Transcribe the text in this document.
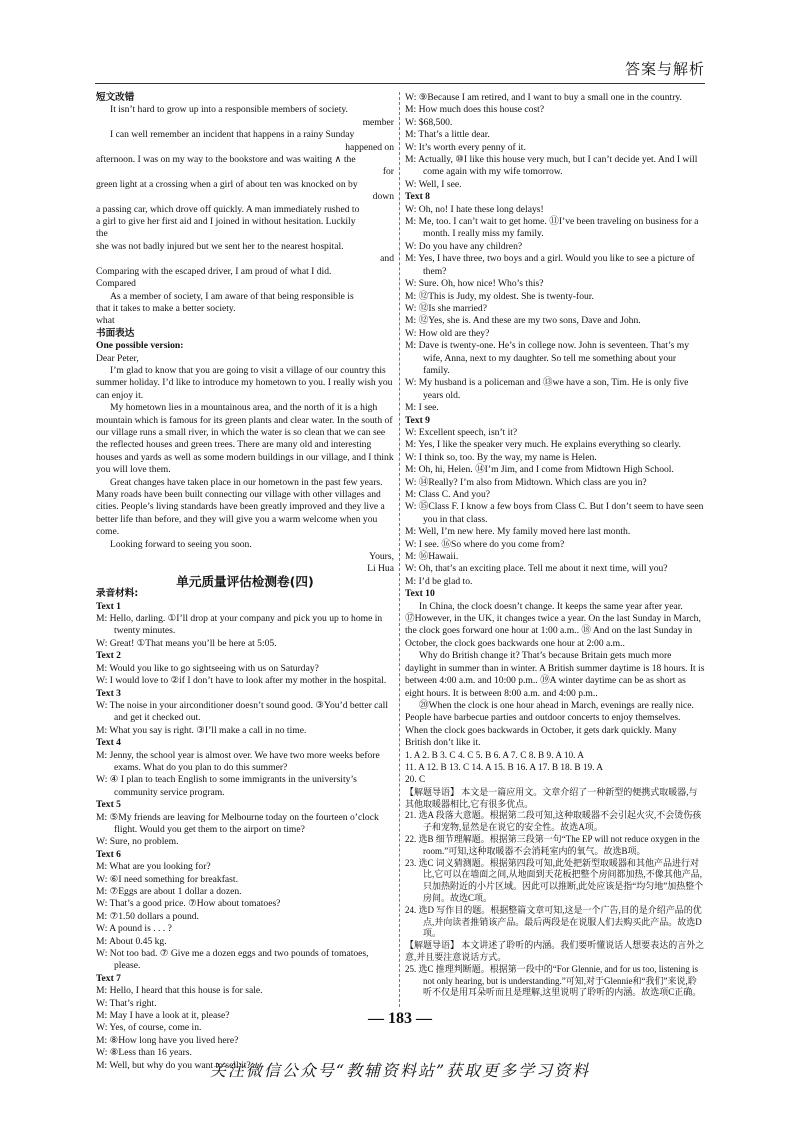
答案与解析

短文改错

It isn’t hard to grow up into a responsible members of society.

member

I can well remember an incident that happens in a rainy Sunday

happened on

afternoon. I was on my way to the bookstore and was waiting ∧ the

for

green light at a crossing when a girl of about ten was knocked on by

down

a passing car, which drove off quickly. A man immediately rushed to

a girl to give her first aid and I joined in without hesitation. Luckily

the

she was not badly injured but we sent her to the nearest hospital.

and

Comparing with the escaped driver, I am proud of what I did.

Compared

As a member of society, I am aware of that being responsible is

that it takes to make a better society.

what

书面表达

One possible version:

Dear Peter,

I’m glad to know that you are going to visit a village of our country this summer holiday. I’d like to introduce my hometown to you. I really wish you can enjoy it.

My hometown lies in a mountainous area, and the north of it is a high mountain which is famous for its green plants and clear water. In the south of our village runs a small river, in which the water is so clean that we can see the reflected houses and green trees. There are many old and interesting houses and yards as well as some modern buildings in our village, and I think you will love them.

Great changes have taken place in our hometown in the past few years. Many roads have been built connecting our village with other villages and cities. People’s living standards have been greatly improved and they live a better life than before, and they will give you a warm welcome when you come.

Looking forward to seeing you soon.

Yours,

Li Hua

单元质量评估检测卷(四)

录音材料:

Text 1

M: Hello, darling. ①I’ll drop at your company and pick you up to home in twenty minutes.

W: Great! ①That means you’ll be here at 5:05.

Text 2

M: Would you like to go sightseeing with us on Saturday?

W: I would love to ②if I don’t have to look after my mother in the hospital.

Text 3

W: The noise in your airconditioner doesn’t sound good. ③You’d better call and get it checked out.

M: What you say is right. ③I’ll make a call in no time.

Text 4

M: Jenny, the school year is almost over. We have two more weeks before exams. What do you plan to do this summer?

W: ④ I plan to teach English to some immigrants in the university’s community service program.

Text 5

M: ⑤My friends are leaving for Melbourne today on the fourteen o’clock flight. Would you get them to the airport on time?

W: Sure, no problem.

Text 6

M: What are you looking for?

W: ⑥I need something for breakfast.

M: ⑦Eggs are about 1 dollar a dozen.

W: That’s a good price. ⑦How about tomatoes?

M: ⑦1.50 dollars a pound.

W: A pound is . . . ?

M: About 0.45 kg.

W: Not too bad. ⑦ Give me a dozen eggs and two pounds of tomatoes, please.

Text 7

M: Hello, I heard that this house is for sale.

W: That’s right.

M: May I have a look at it, please?

W: Yes, of course, come in.

M: ⑧How long have you lived here?

W: ⑧Less than 16 years.

M: Well, but why do you want to sell it?

W: ⑨Because I am retired, and I want to buy a small one in the country.

M: How much does this house cost?

W: $68,500.

M: That’s a little dear.

W: It’s worth every penny of it.

M: Actually, ⑩I like this house very much, but I can’t decide yet. And I will come again with my wife tomorrow.

W: Well, I see.

Text 8

W: Oh, no! I hate these long delays!

M: Me, too. I can’t wait to get home. ⑪I’ve been traveling on business for a month. I really miss my family.

W: Do you have any children?

M: Yes, I have three, two boys and a girl. Would you like to see a picture of them?

W: Sure. Oh, how nice! Who’s this?

M: ⑫This is Judy, my oldest. She is twenty-four.

W: ⑫Is she married?

M: ⑫Yes, she is. And these are my two sons, Dave and John.

W: How old are they?

M: Dave is twenty-one. He’s in college now. John is seventeen. That’s my wife, Anna, next to my daughter. So tell me something about your family.

W: My husband is a policeman and ⑬we have a son, Tim. He is only five years old.

M: I see.

Text 9

W: Excellent speech, isn’t it?

M: Yes, I like the speaker very much. He explains everything so clearly.

W: I think so, too. By the way, my name is Helen.

M: Oh, hi, Helen. ⑭I’m Jim, and I come from Midtown High School.

W: ⑭Really? I’m also from Midtown. Which class are you in?

M: Class C. And you?

W: ⑮Class F. I know a few boys from Class C. But I don’t seem to have seen you in that class.

M: Well, I’m new here. My family moved here last month.

W: I see. ⑯So where do you come from?

M: ⑯Hawaii.

W: Oh, that’s an exciting place. Tell me about it next time, will you?

M: I’d be glad to.

Text 10

In China, the clock doesn’t change. It keeps the same year after year. ⑰However, in the UK, it changes twice a year. On the last Sunday in March, the clock goes forward one hour at 1:00 a.m.. ⑱ And on the last Sunday in October, the clock goes backwards one hour at 2:00 a.m..

Why do British change it? That’s because Britain gets much more daylight in summer than in winter. A British summer daytime is 18 hours. It is between 4:00 a.m. and 10:00 p.m.. ⑲A winter daytime can be as short as eight hours. It is between 8:00 a.m. and 4:00 p.m..

⑳When the clock is one hour ahead in March, evenings are really nice. People have barbecue parties and outdoor concerts to enjoy themselves. When the clock goes backwards in October, it gets dark quickly. Many British don’t like it.

1. A 2. B 3. C 4. C 5. B 6. A 7. C 8. B 9. A 10. A

11. A 12. B 13. C 14. A 15. B 16. A 17. B 18. B 19. A

20. C

【解题导语】 本文是一篇应用文。文章介绍了一种新型的便携式取暖器,与其他取暖器相比,它有很多优点。

21. 选A 段落大意题。根据第二段可知,这种取暖器不会引起火灾,不会烫伤孩子和宠物,显然是在说它的安全性。故选A项。

22. 选B 细节理解题。根据第三段第一句“The EP will not reduce oxygen in the room.”可知,这种取暖器不会消耗室内的氧气。故选B项。

23. 选C 词义猜测题。根据第四段可知,此处把新型取暖器和其他产品进行对比,它可以在墙面之间,从地面到天花板把整个房间都加热,不像其他产品,只加热附近的小片区域。因此可以推断,此处应该是指“均匀地”加热整个房间。故选C项。

24. 选D 写作目的题。根据整篇文章可知,这是一个广告,目的是介绍产品的优点,并向读者推销该产品。最后两段是在说服人们去购买此产品。故选D项。

【解题导语】 本文讲述了聆听的内涵。我们要听懂说话人想要表达的言外之意,并且要注意说话方式。

25. 选C 推理判断题。根据第一段中的“For Glennie, and for us too, listening is not only hearing, but is understanding.”可知,对于Glennie和“我们”来说,聆听不仅是用耳朵听而且是理解,这里说明了聆听的内涵。故选项C正确。

— 183 —
关注微信公众号“教辅资料站”获取更多学习资料
